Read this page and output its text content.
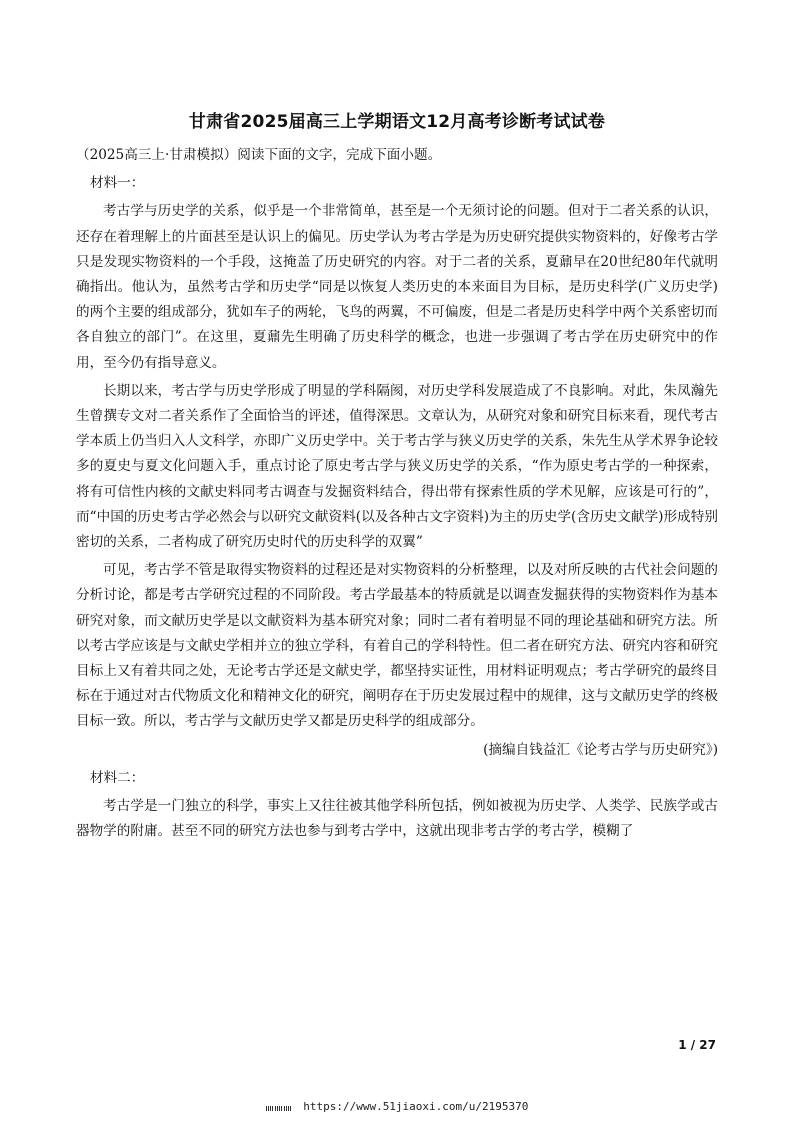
甘肃省2025届高三上学期语文12月高考诊断考试试卷

（2025高三上·甘肃模拟）阅读下面的文字，完成下面小题。

材料一：

考古学与历史学的关系，似乎是一个非常简单，甚至是一个无须讨论的问题。但对于二者关系的认识，还存在着理解上的片面甚至是认识上的偏见。历史学认为考古学是为历史研究提供实物资料的，好像考古学只是发现实物资料的一个手段，这掩盖了历史研究的内容。对于二者的关系，夏鼐早在20世纪80年代就明确指出。他认为，虽然考古学和历史学“同是以恢复人类历史的本来面目为目标，是历史科学(广义历史学)的两个主要的组成部分，犹如车子的两轮，飞鸟的两翼，不可偏废，但是二者是历史科学中两个关系密切而各自独立的部门”。在这里，夏鼐先生明确了历史科学的概念，也进一步强调了考古学在历史研究中的作用，至今仍有指导意义。

长期以来，考古学与历史学形成了明显的学科隔阂，对历史学科发展造成了不良影响。对此，朱凤瀚先生曾撰专文对二者关系作了全面恰当的评述，值得深思。文章认为，从研究对象和研究目标来看，现代考古学本质上仍当归入人文科学，亦即广义历史学中。关于考古学与狭义历史学的关系，朱先生从学术界争论较多的夏史与夏文化问题入手，重点讨论了原史考古学与狭义历史学的关系，“作为原史考古学的一种探索，将有可信性内核的文献史料同考古调查与发掘资料结合，得出带有探索性质的学术见解，应该是可行的”，而“中国的历史考古学必然会与以研究文献资料(以及各种古文字资料)为主的历史学(含历史文献学)形成特别密切的关系，二者构成了研究历史时代的历史科学的双翼”

可见，考古学不管是取得实物资料的过程还是对实物资料的分析整理，以及对所反映的古代社会问题的分析讨论，都是考古学研究过程的不同阶段。考古学最基本的特质就是以调查发掘获得的实物资料作为基本研究对象，而文献历史学是以文献资料为基本研究对象；同时二者有着明显不同的理论基础和研究方法。所以考古学应该是与文献史学相并立的独立学科，有着自己的学科特性。但二者在研究方法、研究内容和研究目标上又有着共同之处，无论考古学还是文献史学，都坚持实证性，用材料证明观点；考古学研究的最终目标在于通过对古代物质文化和精神文化的研究，阐明存在于历史发展过程中的规律，这与文献历史学的终极目标一致。所以，考古学与文献历史学又都是历史科学的组成部分。

(摘编自钱益汇《论考古学与历史研究》)

材料二：

考古学是一门独立的科学，事实上又往往被其他学科所包括，例如被视为历史学、人类学、民族学或古器物学的附庸。甚至不同的研究方法也参与到考古学中，这就出现非考古学的考古学，模糊了

1 / 27
https://www.51jiaoxi.com/u/2195370
